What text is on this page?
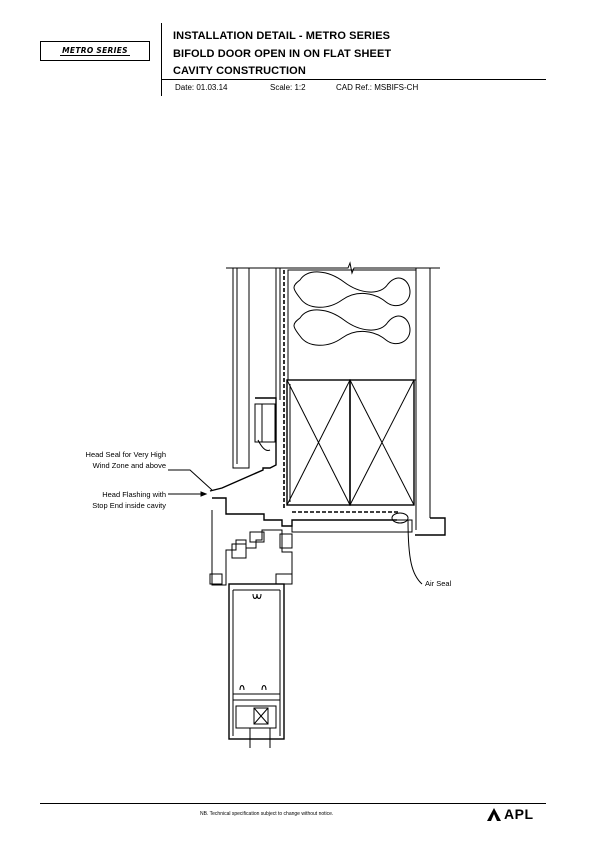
METRO SERIES
INSTALLATION DETAIL - METRO SERIES
BIFOLD DOOR OPEN IN ON FLAT SHEET
CAVITY CONSTRUCTION
Date: 01.03.14	Scale: 1:2	CAD Ref.: MSBIFS-CH
Head Seal for Very High
Wind Zone and above
Head Flashing with
Stop End inside cavity
Air Seal
NB. Technical specification subject to change without notice.	APL
